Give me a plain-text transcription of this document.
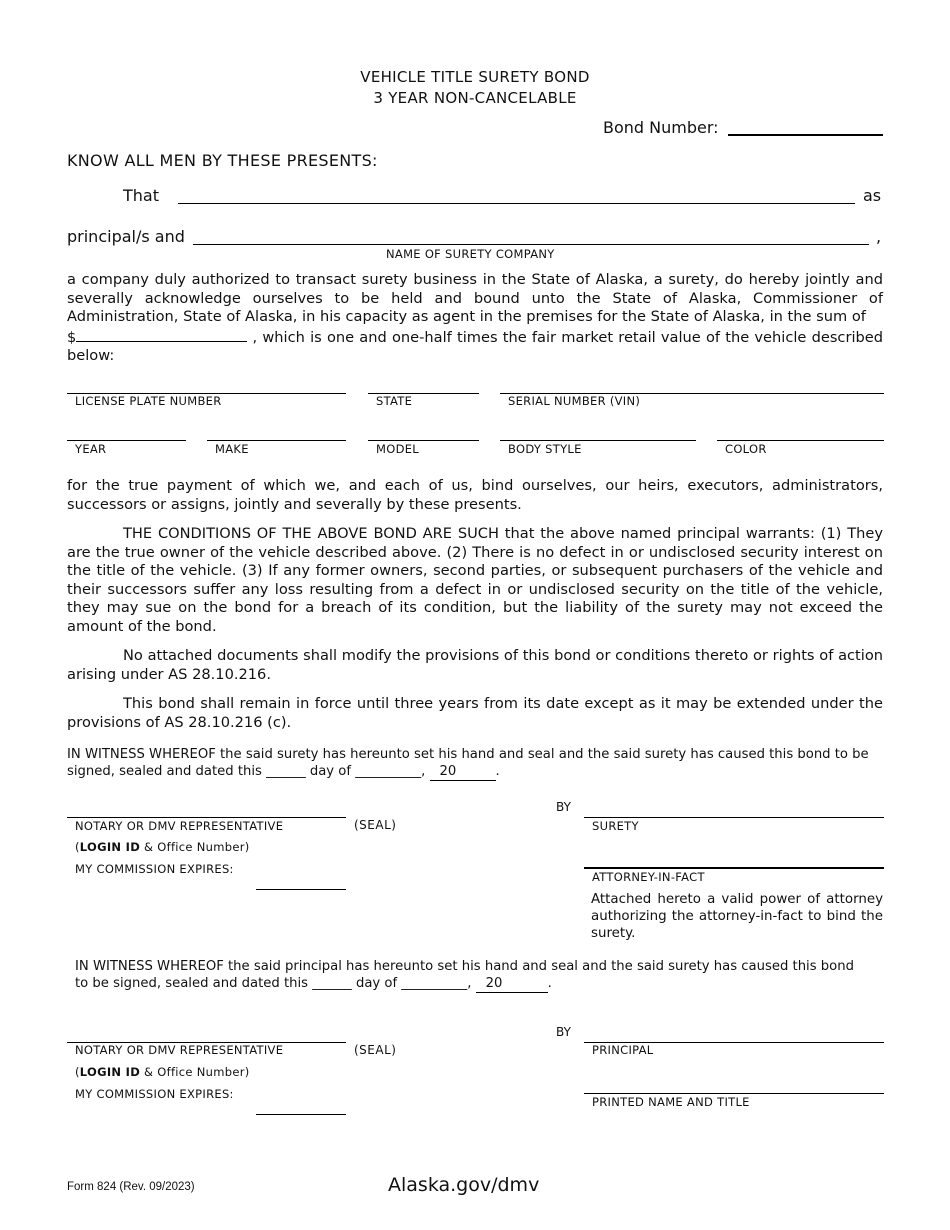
VEHICLE TITLE SURETY BOND
3 YEAR NON-CANCELABLE
Bond Number:
KNOW ALL MEN BY THESE PRESENTS:
That	as
principal/s and	,
NAME OF SURETY COMPANY
a company duly authorized to transact surety business in the State of Alaska, a surety, do hereby jointly and severally acknowledge ourselves to be held and bound unto the State of Alaska, Commissioner of Administration, State of Alaska, in his capacity as agent in the premises for the State of Alaska, in the sum of
$	, which is one and one-half times the fair market retail value of the vehicle described below:
LICENSE PLATE NUMBER	STATE	SERIAL NUMBER (VIN)
YEAR	MAKE	MODEL	BODY STYLE	COLOR
for the true payment of which we, and each of us, bind ourselves, our heirs, executors, administrators, successors or assigns, jointly and severally by these presents.
THE CONDITIONS OF THE ABOVE BOND ARE SUCH that the above named principal warrants: (1) They are the true owner of the vehicle described above. (2) There is no defect in or undisclosed security interest on the title of the vehicle. (3) If any former owners, second parties, or subsequent purchasers of the vehicle and their successors suffer any loss resulting from a defect in or undisclosed security on the title of the vehicle, they may sue on the bond for a breach of its condition, but the liability of the surety may not exceed the amount of the bond.
No attached documents shall modify the provisions of this bond or conditions thereto or rights of action arising under AS 28.10.216.
This bond shall remain in force until three years from its date except as it may be extended under the provisions of AS 28.10.216 (c).
IN WITNESS WHEREOF the said surety has hereunto set his hand and seal and the said surety has caused this bond to be
signed, sealed and dated this ______ day of __________, 20	.
NOTARY OR DMV REPRESENTATIVE	(SEAL)
(LOGIN ID & Office Number)
MY COMMISSION EXPIRES:
BY
SURETY
ATTORNEY-IN-FACT
Attached hereto a valid power of attorney authorizing the attorney-in-fact to bind the surety.
IN WITNESS WHEREOF the said principal has hereunto set his hand and seal and the said surety has caused this bond
to be signed, sealed and dated this ______ day of __________, 20	.
NOTARY OR DMV REPRESENTATIVE	(SEAL)
(LOGIN ID & Office Number)
MY COMMISSION EXPIRES:
BY
PRINCIPAL
PRINTED NAME AND TITLE
Form 824 (Rev. 09/2023)	Alaska.gov/dmv
